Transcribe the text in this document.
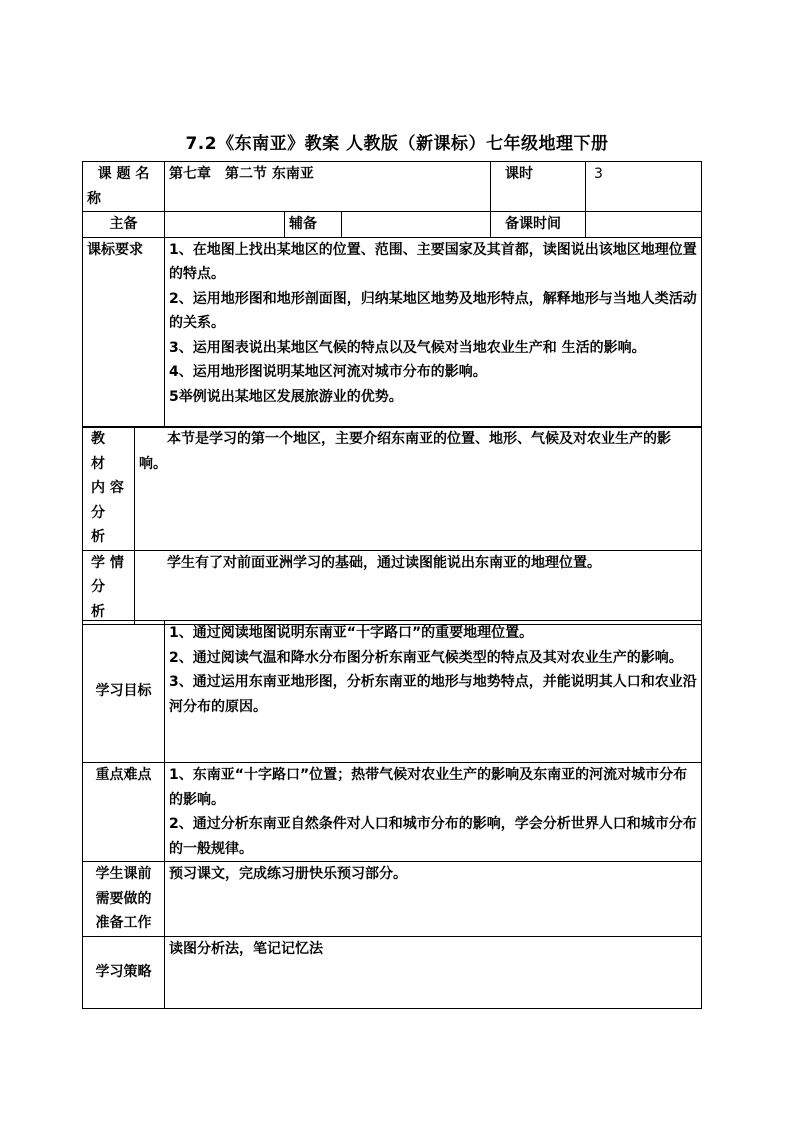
7.2《东南亚》教案 人教版（新课标）七年级地理下册
课 题 名
称	第七章　第二节 东南亚			课时	3
主备		辅备		备课时间	
课标要求	1、在地图上找出某地区的位置、范围、主要国家及其首都，读图说出该地区地理位置的特点。
2、运用地形图和地形剖面图，归纳某地区地势及地形特点，解释地形与当地人类活动的关系。
3、运用图表说出某地区气候的特点以及气候对当地农业生产和 生活的影响。
4、运用地形图说明某地区河流对城市分布的影响。
5举例说出某地区发展旅游业的优势。				
教
材
内 容
分
析	本节是学习的第一个地区，主要介绍东南亚的位置、地形、气候及对农业生产的影响。

学 情
分
析	学生有了对前面亚洲学习的基础，通过读图能说出东南亚的地理位置。
学习目标	1、通过阅读地图说明东南亚“十字路口”的重要地理位置。
2、通过阅读气温和降水分布图分析东南亚气候类型的特点及其对农业生产的影响。
3、通过运用东南亚地形图，分析东南亚的地形与地势特点，并能说明其人口和农业沿河分布的原因。

重点难点	1、东南亚“十字路口”位置；热带气候对农业生产的影响及东南亚的河流对城市分布的影响。
2、通过分析东南亚自然条件对人口和城市分布的影响，学会分析世界人口和城市分布的一般规律。

学生课前
需要做的
准备工作	预习课文，完成练习册快乐预习部分。
学习策略	读图分析法，笔记记忆法
